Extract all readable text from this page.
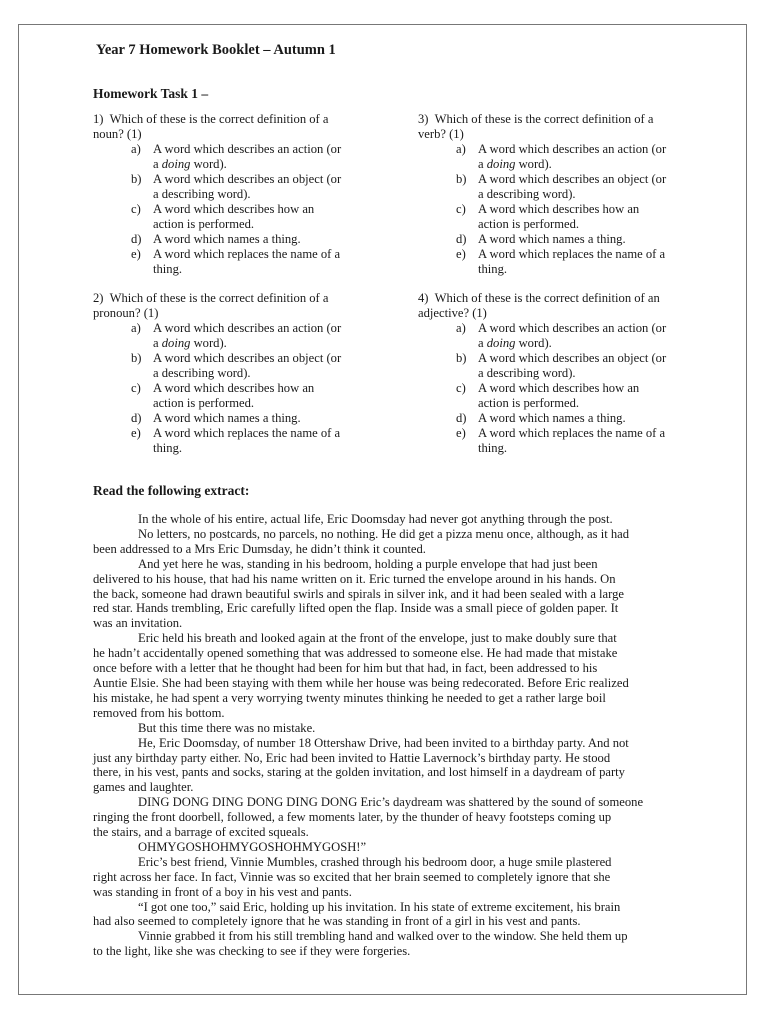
Year 7 Homework Booklet – Autumn 1
Homework Task 1 –

1) Which of these is the correct definition of a
noun? (1)

a) A word which describes an action (or
a doing word).
b) A word which describes an object (or
a describing word).
c) A word which describes how an
action is performed.
d) A word which names a thing.
e) A word which replaces the name of a
thing.

3) Which of these is the correct definition of a
verb? (1)

a) A word which describes an action (or
a doing word).
b) A word which describes an object (or
a describing word).
c) A word which describes how an
action is performed.
d) A word which names a thing.
e) A word which replaces the name of a
thing.

2) Which of these is the correct definition of a
pronoun? (1)

a) A word which describes an action (or
a doing word).
b) A word which describes an object (or
a describing word).
c) A word which describes how an
action is performed.
d) A word which names a thing.
e) A word which replaces the name of a
thing.

4) Which of these is the correct definition of an
adjective? (1)

a) A word which describes an action (or
a doing word).
b) A word which describes an object (or
a describing word).
c) A word which describes how an
action is performed.
d) A word which names a thing.
e) A word which replaces the name of a
thing.
Read the following extract:

In the whole of his entire, actual life, Eric Doomsday had never got anything through the post.

No letters, no postcards, no parcels, no nothing. He did get a pizza menu once, although, as it had
been addressed to a Mrs Eric Dumsday, he didn’t think it counted.

And yet here he was, standing in his bedroom, holding a purple envelope that had just been
delivered to his house, that had his name written on it. Eric turned the envelope around in his hands. On
the back, someone had drawn beautiful swirls and spirals in silver ink, and it had been sealed with a large
red star. Hands trembling, Eric carefully lifted open the flap. Inside was a small piece of golden paper. It
was an invitation.

Eric held his breath and looked again at the front of the envelope, just to make doubly sure that
he hadn’t accidentally opened something that was addressed to someone else. He had made that mistake
once before with a letter that he thought had been for him but that had, in fact, been addressed to his
Auntie Elsie. She had been staying with them while her house was being redecorated. Before Eric realized
his mistake, he had spent a very worrying twenty minutes thinking he needed to get a rather large boil
removed from his bottom.

But this time there was no mistake.

He, Eric Doomsday, of number 18 Ottershaw Drive, had been invited to a birthday party. And not
just any birthday party either. No, Eric had been invited to Hattie Lavernock’s birthday party. He stood
there, in his vest, pants and socks, staring at the golden invitation, and lost himself in a daydream of party
games and laughter.

DING DONG DING DONG DING DONG Eric’s daydream was shattered by the sound of someone
ringing the front doorbell, followed, a few moments later, by the thunder of heavy footsteps coming up
the stairs, and a barrage of excited squeals.

OHMYGOSHOHMYGOSHOHMYGOSH!”

Eric’s best friend, Vinnie Mumbles, crashed through his bedroom door, a huge smile plastered
right across her face. In fact, Vinnie was so excited that her brain seemed to completely ignore that she
was standing in front of a boy in his vest and pants.

“I got one too,” said Eric, holding up his invitation. In his state of extreme excitement, his brain
had also seemed to completely ignore that he was standing in front of a girl in his vest and pants.

Vinnie grabbed it from his still trembling hand and walked over to the window. She held them up
to the light, like she was checking to see if they were forgeries.
